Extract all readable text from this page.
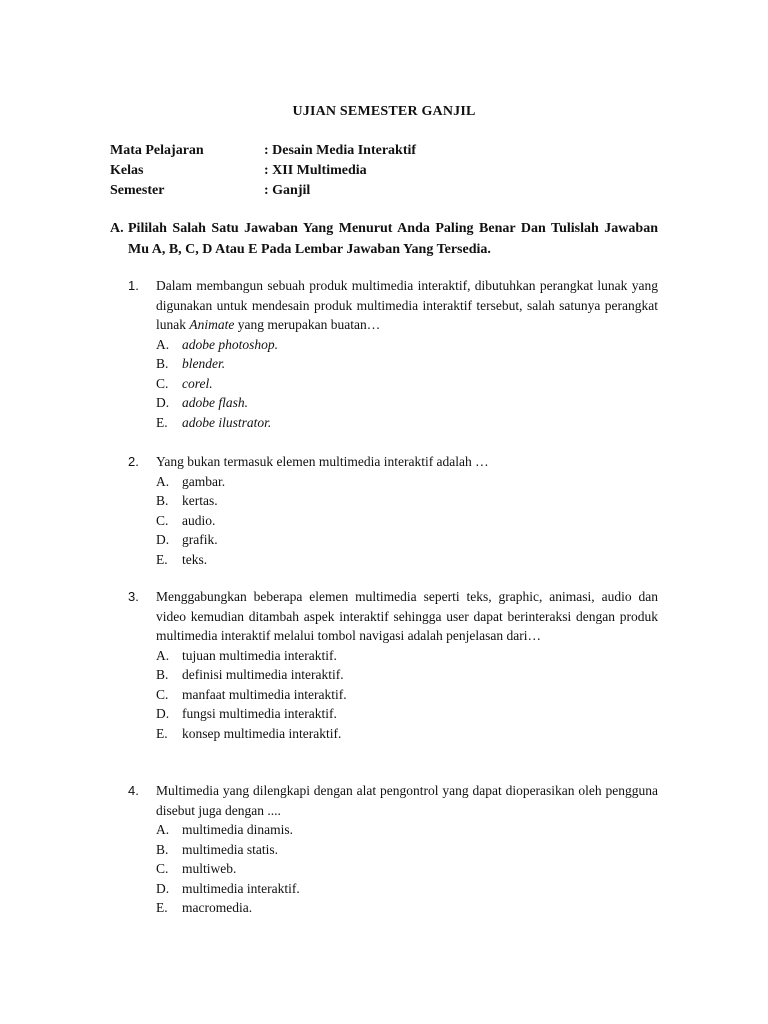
UJIAN SEMESTER GANJIL
Mata Pelajaran	: Desain Media Interaktif
Kelas	: XII Multimedia
Semester	: Ganjil
A. Pililah Salah Satu Jawaban Yang Menurut Anda Paling Benar Dan Tulislah Jawaban Mu A, B, C, D Atau E Pada Lembar Jawaban Yang Tersedia.
1. Dalam membangun sebuah produk multimedia interaktif, dibutuhkan perangkat lunak yang digunakan untuk mendesain produk multimedia interaktif tersebut, salah satunya perangkat lunak Animate yang merupakan buatan…
A. adobe photoshop.
B. blender.
C. corel.
D. adobe flash.
E. adobe ilustrator.
2. Yang bukan termasuk elemen multimedia interaktif adalah …
A. gambar.
B. kertas.
C. audio.
D. grafik.
E. teks.
3. Menggabungkan beberapa elemen multimedia seperti teks, graphic, animasi, audio dan video kemudian ditambah aspek interaktif sehingga user dapat berinteraksi dengan produk multimedia interaktif melalui tombol navigasi adalah penjelasan dari…
A. tujuan multimedia interaktif.
B. definisi multimedia interaktif.
C. manfaat multimedia interaktif.
D. fungsi multimedia interaktif.
E. konsep multimedia interaktif.
4. Multimedia yang dilengkapi dengan alat pengontrol yang dapat dioperasikan oleh pengguna disebut juga dengan ....
A. multimedia dinamis.
B. multimedia statis.
C. multiweb.
D. multimedia interaktif.
E. macromedia.
